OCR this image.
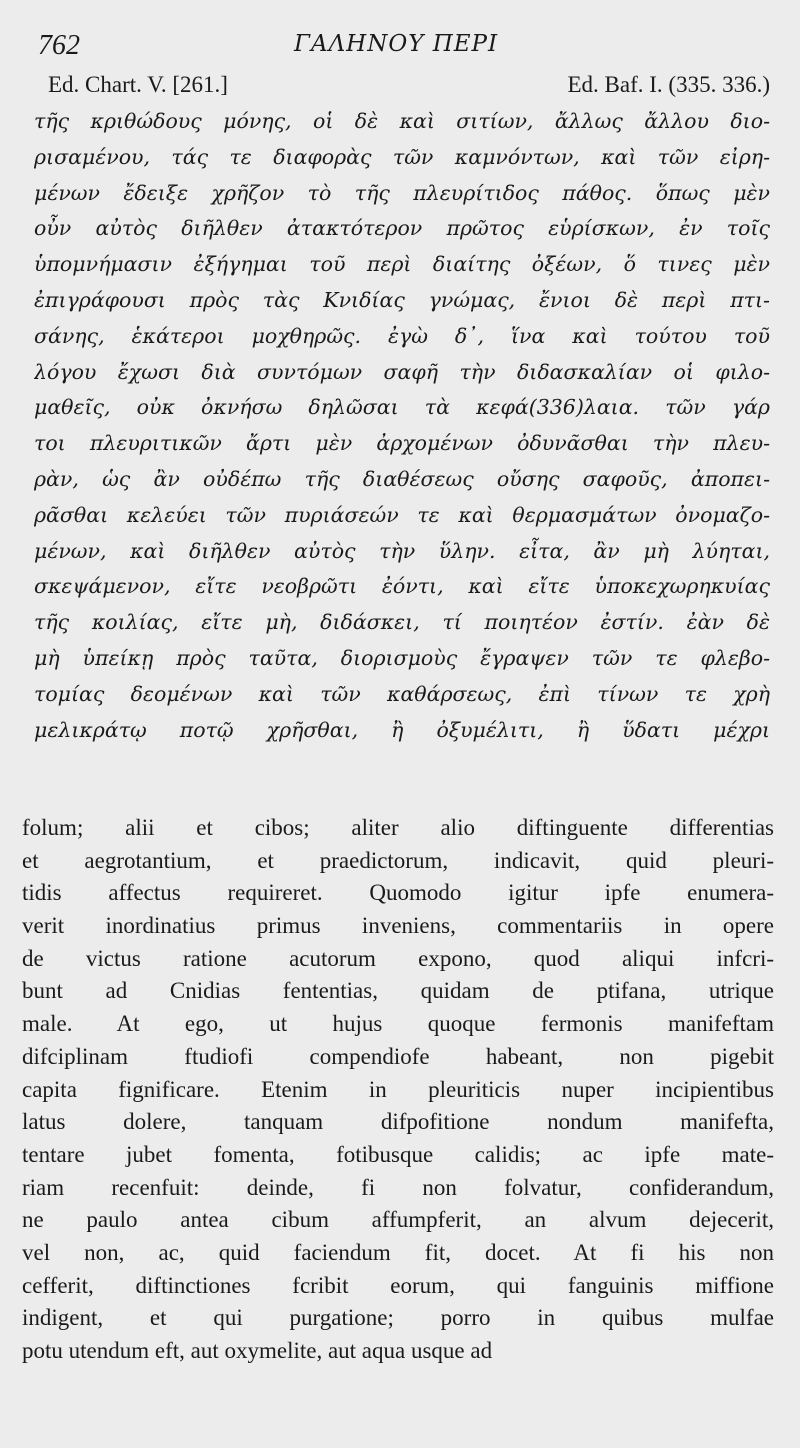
762	ΓΑΛΗΝΟΥ ΠΕΡΙ
Ed. Chart. V. [261.]	Ed. Baf. I. (335. 336.)
τῆς κριθώδους μόνης, οἱ δὲ καὶ σιτίων, ἄλλως ἄλλου διο-
ρισαμένου, τάς τε διαφορὰς τῶν καμνόντων, καὶ τῶν εἰρη-
μένων ἔδειξε χρῆζον τὸ τῆς πλευρίτιδος πάθος. ὅπως μὲν
οὖν αὐτὸς διῆλθεν ἀτακτότερον πρῶτος εὑρίσκων, ἐν τοῖς
ὑπομνήμασιν ἐξήγημαι τοῦ περὶ διαίτης ὀξέων, ὅ τινες μὲν
ἐπιγράφουσι πρὸς τὰς Κνιδίας γνώμας, ἔνιοι δὲ περὶ πτι-
σάνης, ἑκάτεροι μοχθηρῶς. ἐγὼ δ᾽, ἵνα καὶ τούτου τοῦ
λόγου ἔχωσι διὰ συντόμων σαφῆ τὴν διδασκαλίαν οἱ φιλο-
μαθεῖς, οὐκ ὀκνήσω δηλῶσαι τὰ κεφά(336)λαια. τῶν γάρ
τοι πλευριτικῶν ἄρτι μὲν ἀρχομένων ὀδυνᾶσθαι τὴν πλευ-
ρὰν, ὡς ἂν οὐδέπω τῆς διαθέσεως οὔσης σαφοῦς, ἀποπει-
ρᾶσθαι κελεύει τῶν πυριάσεών τε καὶ θερμασμάτων ὀνομαζο-
μένων, καὶ διῆλθεν αὐτὸς τὴν ὕλην. εἶτα, ἂν μὴ λύηται,
σκεψάμενον, εἴτε νεοβρῶτι ἐόντι, καὶ εἴτε ὑποκεχωρηκυίας
τῆς κοιλίας, εἴτε μὴ, διδάσκει, τί ποιητέον ἐστίν. ἐὰν δὲ
μὴ ὑπείκῃ πρὸς ταῦτα, διορισμοὺς ἔγραψεν τῶν τε φλεβο-
τομίας δεομένων καὶ τῶν καθάρσεως, ἐπὶ τίνων τε χρὴ
μελικράτῳ ποτῷ χρῆσθαι, ἢ ὀξυμέλιτι, ἢ ὕδατι μέχρι
folum; alii et cibos; aliter alio diftinguente differentias
et aegrotantium, et praedictorum, indicavit, quid pleuri-
tidis affectus requireret. Quomodo igitur ipfe enumera-
verit inordinatius primus inveniens, commentariis in opere
de victus ratione acutorum expono, quod aliqui infcri-
bunt ad Cnidias fententias, quidam de ptifana, utrique
male. At ego, ut hujus quoque fermonis manifeftam
difciplinam ftudiofi compendiofe habeant, non pigebit
capita fignificare. Etenim in pleuriticis nuper incipientibus
latus dolere, tanquam difpofitione nondum manifefta,
tentare jubet fomenta, fotibusque calidis; ac ipfe mate-
riam recenfuit: deinde, fi non folvatur, confiderandum,
ne paulo antea cibum affumpferit, an alvum dejecerit,
vel non, ac, quid faciendum fit, docet. At fi his non
cefferit, diftinctiones fcribit eorum, qui fanguinis miffione
indigent, et qui purgatione; porro in quibus mulfae
potu utendum eft, aut oxymelite, aut aqua usque ad
